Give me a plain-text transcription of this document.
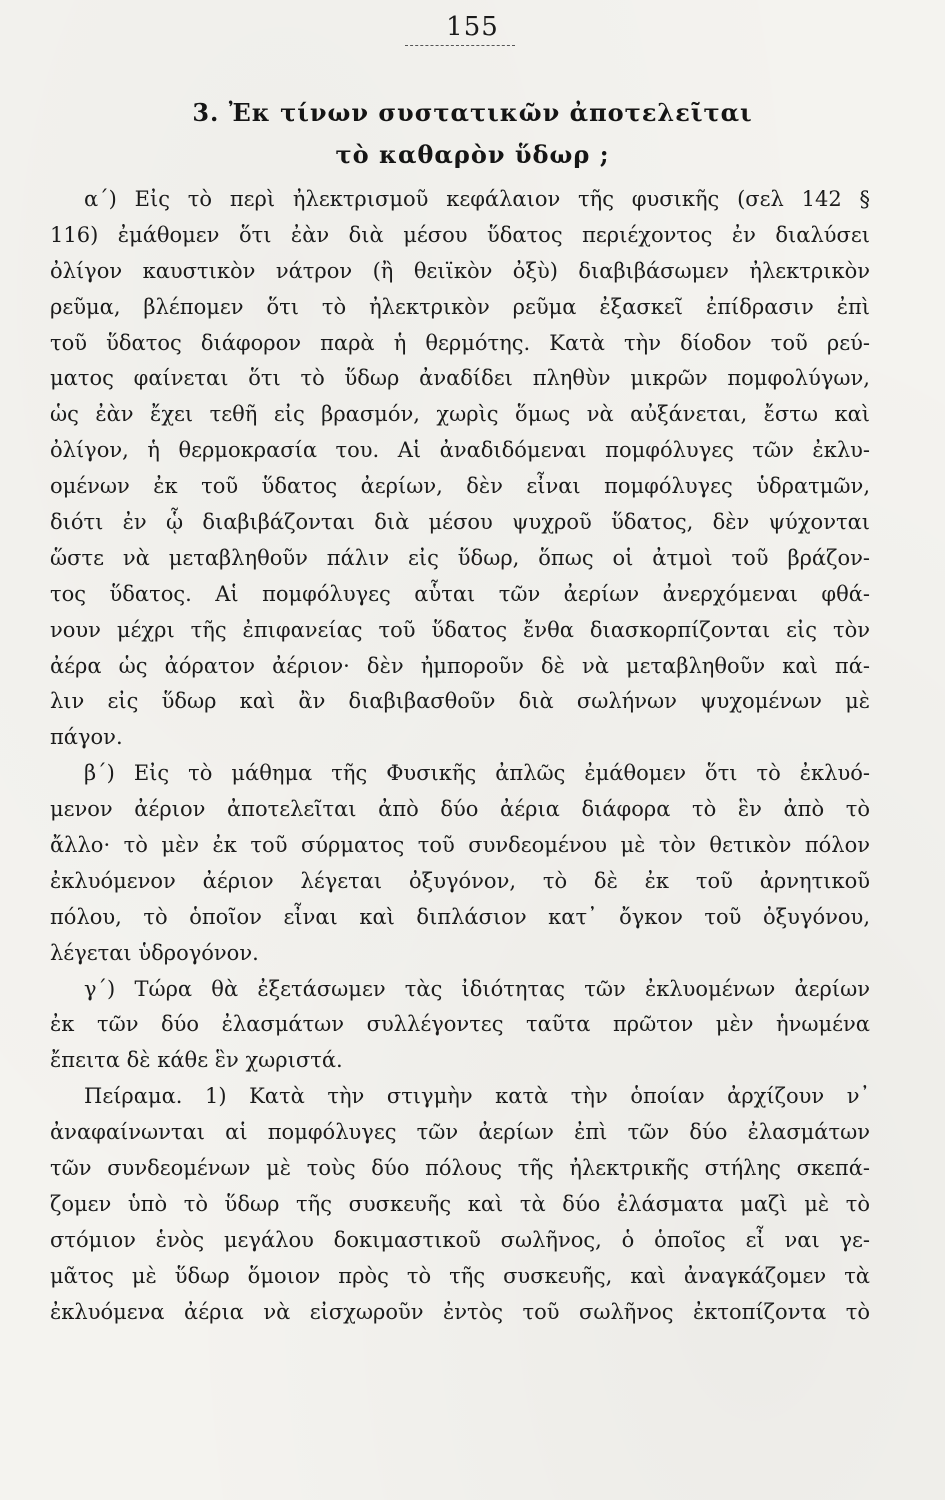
155
3. Ἐκ τίνων συστατικῶν ἀποτελεῖται
τὸ καθαρὸν ὕδωρ ;
α΄) Εἰς τὸ περὶ ἠλεκτρισμοῦ κεφάλαιον τῆς φυσικῆς (σελ 142 §
116) ἐμάθομεν ὅτι ἐὰν διὰ μέσου ὕδατος περιέχοντος ἐν διαλύσει
ὀλίγον καυστικὸν νάτρον (ἢ θειϊκὸν ὀξὺ) διαβιβάσωμεν ἠλεκτρικὸν
ρεῦμα, βλέπομεν ὅτι τὸ ἠλεκτρικὸν ρεῦμα ἐξασκεῖ ἐπίδρασιν ἐπὶ
τοῦ ὕδατος διάφορον παρὰ ἡ θερμότης. Κατὰ τὴν δίοδον τοῦ ρεύ-
ματος φαίνεται ὅτι τὸ ὕδωρ ἀναδίδει πληθὺν μικρῶν πομφολύγων,
ὡς ἐὰν ἔχει τεθῆ εἰς βρασμόν, χωρὶς ὅμως νὰ αὐξάνεται, ἔστω καὶ
ὀλίγον, ἡ θερμοκρασία του. Αἱ ἀναδιδόμεναι πομφόλυγες τῶν ἐκλυ-
ομένων ἐκ τοῦ ὕδατος ἀερίων, δὲν εἶναι πομφόλυγες ὑδρατμῶν,
διότι ἐν ᾧ διαβιβάζονται διὰ μέσου ψυχροῦ ὕδατος, δὲν ψύχονται
ὥστε νὰ μεταβληθοῦν πάλιν εἰς ὕδωρ, ὅπως οἱ ἀτμοὶ τοῦ βράζον-
τος ὕδατος. Αἱ πομφόλυγες αὗται τῶν ἀερίων ἀνερχόμεναι φθά-
νουν μέχρι τῆς ἐπιφανείας τοῦ ὕδατος ἔνθα διασκορπίζονται εἰς τὸν
ἀέρα ὡς ἀόρατον ἀέριον· δὲν ἠμποροῦν δὲ νὰ μεταβληθοῦν καὶ πά-
λιν εἰς ὕδωρ καὶ ἂν διαβιβασθοῦν διὰ σωλήνων ψυχομένων μὲ
πάγον.
β΄) Εἰς τὸ μάθημα τῆς Φυσικῆς ἀπλῶς ἐμάθομεν ὅτι τὸ ἐκλυό-
μενον ἀέριον ἀποτελεῖται ἀπὸ δύο ἀέρια διάφορα τὸ ἓν ἀπὸ τὸ
ἄλλο· τὸ μὲν ἐκ τοῦ σύρματος τοῦ συνδεομένου μὲ τὸν θετικὸν πόλον
ἐκλυόμενον ἀέριον λέγεται ὀξυγόνον, τὸ δὲ ἐκ τοῦ ἀρνητικοῦ
πόλου, τὸ ὁποῖον εἶναι καὶ διπλάσιον κατ᾿ ὄγκον τοῦ ὀξυγόνου,
λέγεται ὑδρογόνον.
γ΄) Τώρα θὰ ἐξετάσωμεν τὰς ἰδιότητας τῶν ἐκλυομένων ἀερίων
ἐκ τῶν δύο ἐλασμάτων συλλέγοντες ταῦτα πρῶτον μὲν ἡνωμένα
ἔπειτα δὲ κάθε ἓν χωριστά.
Πείραμα. 1) Κατὰ τὴν στιγμὴν κατὰ τὴν ὁποίαν ἀρχίζουν ν᾿
ἀναφαίνωνται αἱ πομφόλυγες τῶν ἀερίων ἐπὶ τῶν δύο ἐλασμάτων
τῶν συνδεομένων μὲ τοὺς δύο πόλους τῆς ἠλεκτρικῆς στήλης σκεπά-
ζομεν ὑπὸ τὸ ὕδωρ τῆς συσκευῆς καὶ τὰ δύο ἐλάσματα μαζὶ μὲ τὸ
στόμιον ἑνὸς μεγάλου δοκιμαστικοῦ σωλῆνος, ὁ ὁποῖος εἶ ναι γε-
μᾶτος μὲ ὕδωρ ὅμοιον πρὸς τὸ τῆς συσκευῆς, καὶ ἀναγκάζομεν τὰ
ἐκλυόμενα ἀέρια νὰ εἰσχωροῦν ἐντὸς τοῦ σωλῆνος ἐκτοπίζοντα τὸ
